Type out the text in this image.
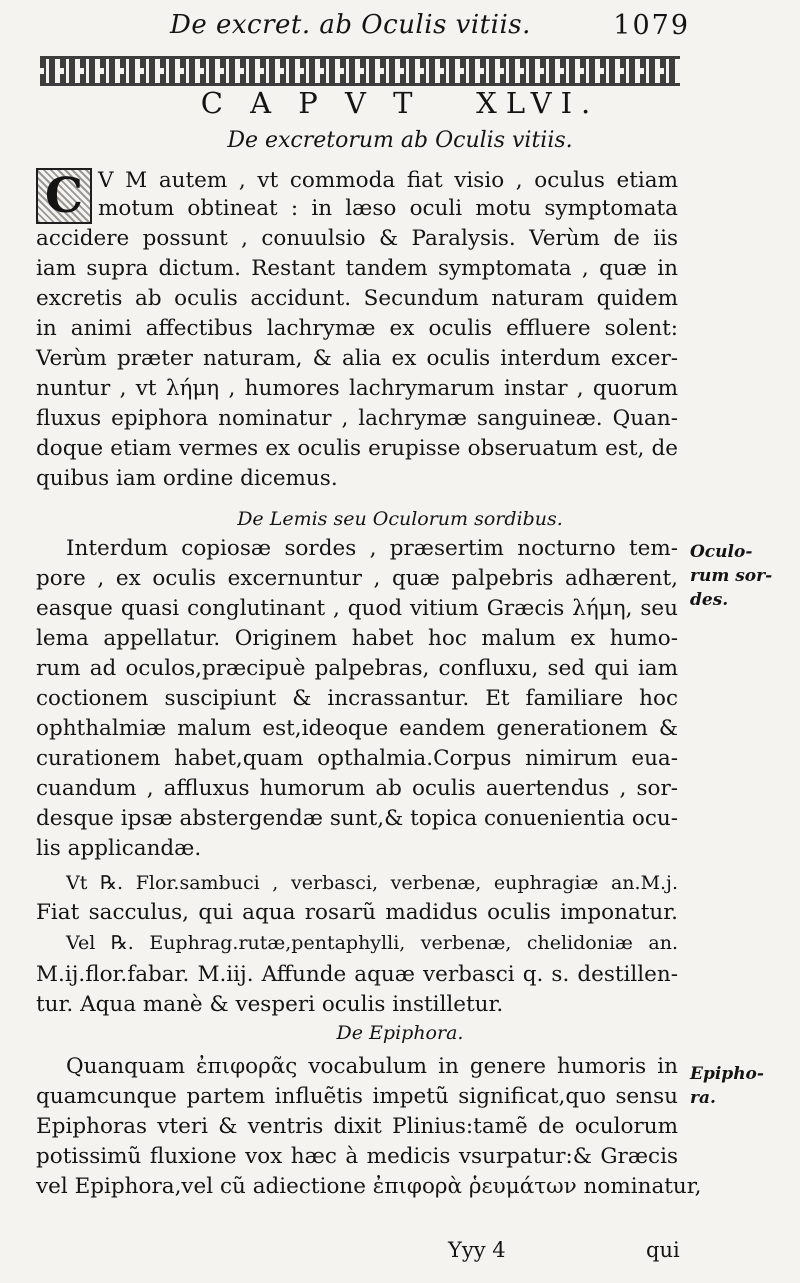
De excret. ab Oculis vitiis.	1079
C A P V T   XLVI.
De excretorum ab Oculis vitiis.
C V M autem , vt commoda fiat visio , oculus etiam
motum obtineat : in læso oculi motu symptomata
accidere possunt , conuulsio & Paralysis. Verùm de iis
iam supra dictum. Restant tandem symptomata , quæ in
excretis ab oculis accidunt. Secundum naturam quidem
in animi affectibus lachrymæ ex oculis effluere solent:
Verùm præter naturam, & alia ex oculis interdum excer-
nuntur , vt λήμη , humores lachrymarum instar , quorum
fluxus epiphora nominatur , lachrymæ sanguineæ. Quan-
doque etiam vermes ex oculis erupisse obseruatum est, de
quibus iam ordine dicemus.
De Lemis seu Oculorum sordibus.
Interdum copiosæ sordes , præsertim nocturno tem-
pore , ex oculis excernuntur , quæ palpebris adhærent,
easque quasi conglutinant , quod vitium Græcis λήμη, seu
lema appellatur. Originem habet hoc malum ex humo-
rum ad oculos,præcipuè palpebras, confluxu, sed qui iam
coctionem suscipiunt & incrassantur. Et familiare hoc
ophthalmiæ malum est,ideoque eandem generationem &
curationem habet,quam opthalmia.Corpus nimirum eua-
cuandum , affluxus humorum ab oculis auertendus , sor-
desque ipsæ abstergendæ sunt,& topica conuenientia ocu-
lis applicandæ.
Vt ℞. Flor.sambuci , verbasci, verbenæ, euphragiæ an.M.j.
Fiat sacculus, qui aqua rosarũ madidus oculis imponatur.
Vel ℞. Euphrag.rutæ,pentaphylli, verbenæ, chelidoniæ an.
M.ij.flor.fabar. M.iij. Affunde aquæ verbasci q. s. destillen-
tur. Aqua manè & vesperi oculis instilletur.
Oculo-
rum sor-
des.
De Epiphora.
Quanquam ἐπιφορᾶς vocabulum in genere humoris in
quamcunque partem influẽtis impetũ significat,quo sensu
Epiphoras vteri & ventris dixit Plinius:tamẽ de oculorum
potissimũ fluxione vox hæc à medicis vsurpatur:& Græcis
vel Epiphora,vel cũ adiectione ἐπιφορὰ ῥευμάτων nominatur,
Epipho-
ra.
Yyy 4	qui
